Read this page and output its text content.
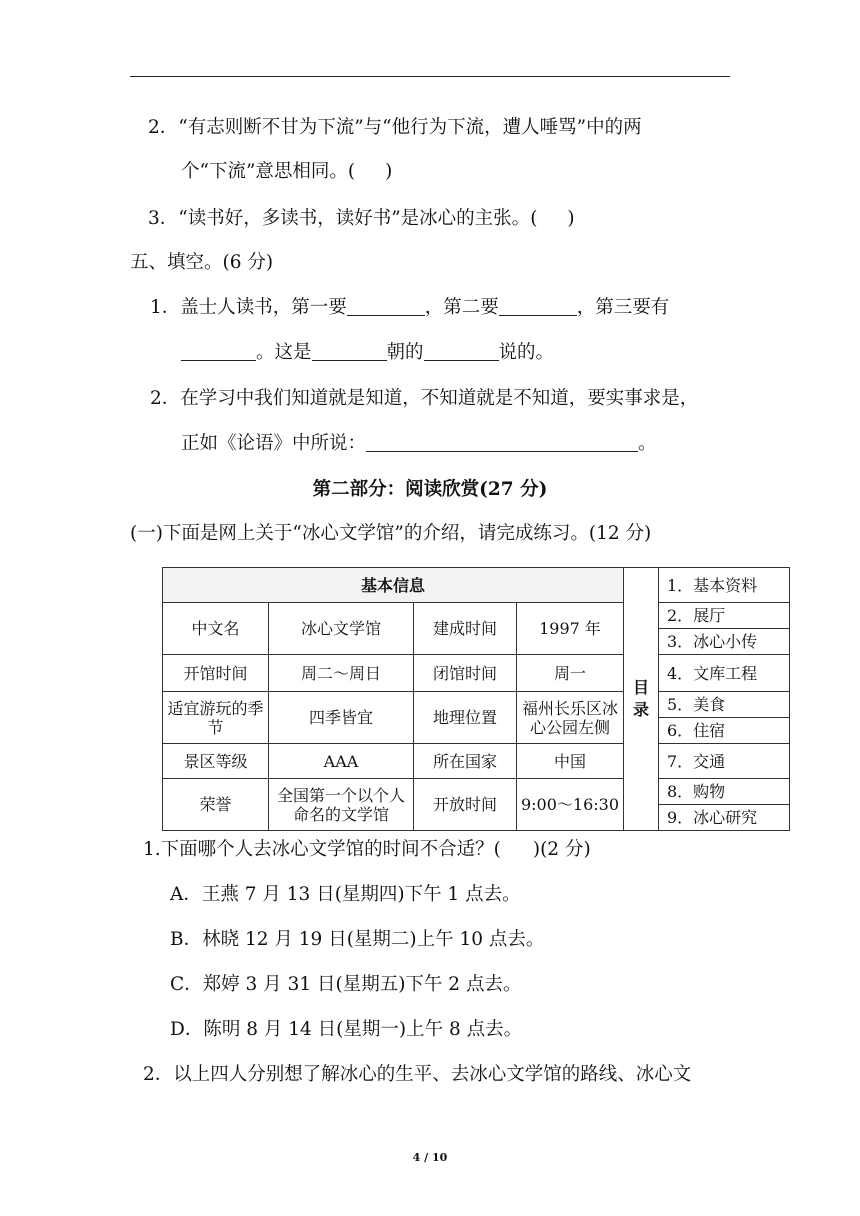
2．“有志则断不甘为下流”与“他行为下流，遭人唾骂”中的两
个“下流”意思相同。( )
3．“读书好，多读书，读好书”是冰心的主张。( )
五、填空。(6 分)
1．盖士人读书，第一要	，第二要	，第三要有
。这是	朝的	说的。
2．在学习中我们知道就是知道，不知道就是不知道，要实事求是，
正如《论语》中所说：	。
第二部分：阅读欣赏(27 分)
(一)下面是网上关于“冰心文学馆”的介绍，请完成练习。(12 分)
基本信息				目录	1．基本资料
中文名	冰心文学馆	建成时间	1997 年		2．展厅
					3．冰心小传
开馆时间	周二～周日	闭馆时间	周一		4．文库工程
适宜游玩的季节	四季皆宜	地理位置	福州长乐区冰心公园左侧		5．美食
					6．住宿
景区等级	AAA	所在国家	中国		7．交通
荣誉	全国第一个以个人命名的文学馆	开放时间	9:00～16:30		8．购物
					9．冰心研究
1.下面哪个人去冰心文学馆的时间不合适？( )(2 分)
A．王燕 7 月 13 日(星期四)下午 1 点去。
B．林晓 12 月 19 日(星期二)上午 10 点去。
C．郑婷 3 月 31 日(星期五)下午 2 点去。
D．陈明 8 月 14 日(星期一)上午 8 点去。
2．以上四人分别想了解冰心的生平、去冰心文学馆的路线、冰心文
4 / 10
